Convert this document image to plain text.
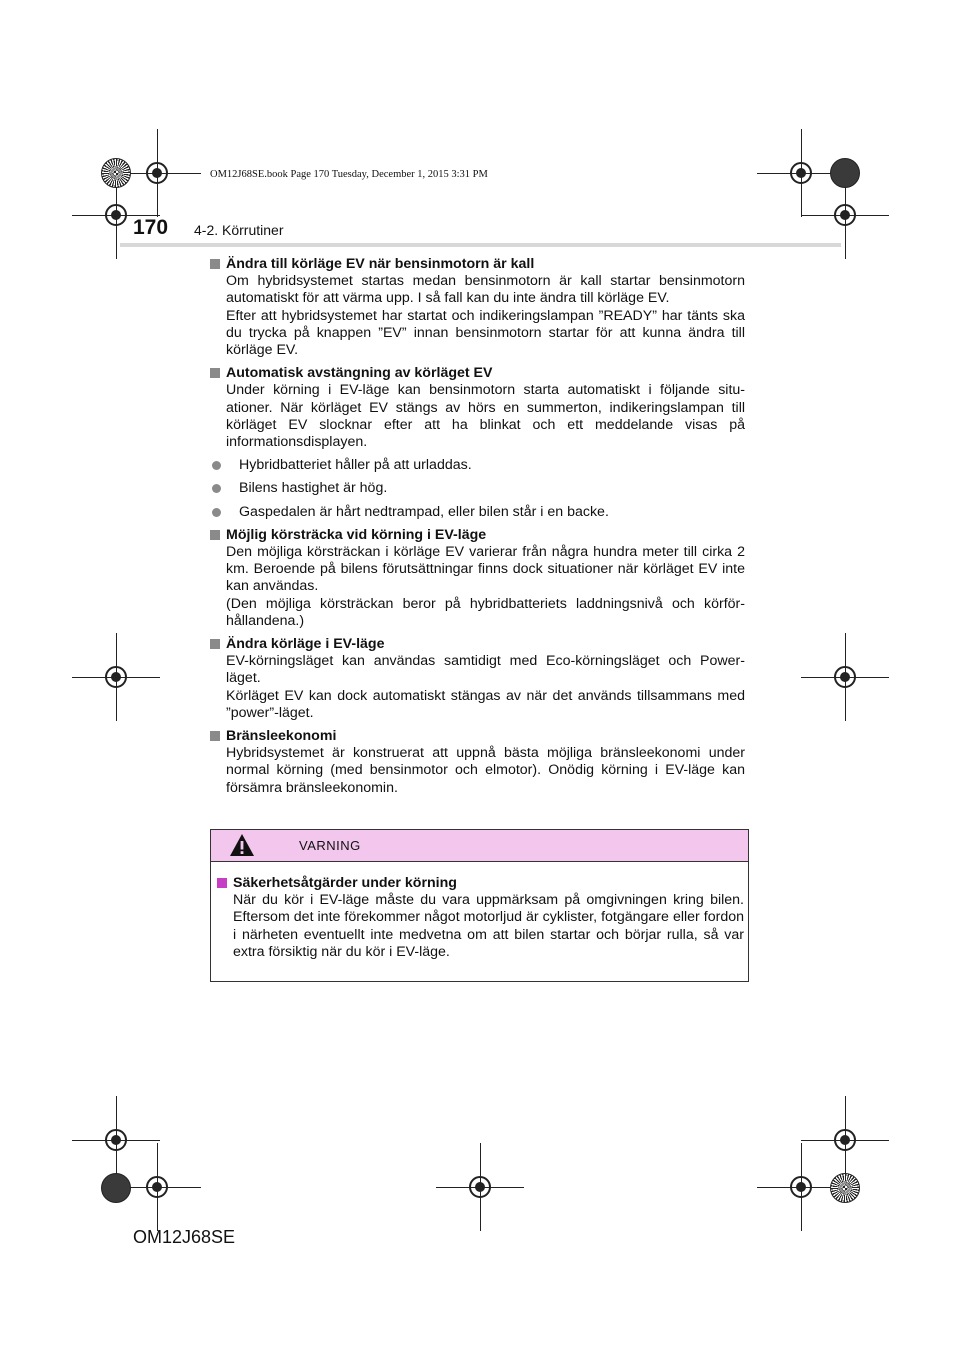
OM12J68SE.book Page 170 Tuesday, December 1, 2015 3:31 PM
170 4-2. Körrutiner
Ändra till körläge EV när bensinmotorn är kall
Om hybridsystemet startas medan bensinmotorn är kall startar bensinmotorn automatiskt för att värma upp. I så fall kan du inte ändra till körläge EV.
Efter att hybridsystemet har startat och indikeringslampan ”READY” har tänts ska du trycka på knappen ”EV” innan bensinmotorn startar för att kunna ändra till körläge EV.
Automatisk avstängning av körläget EV
Under körning i EV-läge kan bensinmotorn starta automatiskt i följande situ-ationer. När körläget EV stängs av hörs en summerton, indikeringslampan till körläget EV slocknar efter att ha blinkat och ett meddelande visas på informationsdisplayen.
Hybridbatteriet håller på att urladdas.
Bilens hastighet är hög.
Gaspedalen är hårt nedtrampad, eller bilen står i en backe.
Möjlig körsträcka vid körning i EV-läge
Den möjliga körsträckan i körläge EV varierar från några hundra meter till cirka 2 km. Beroende på bilens förutsättningar finns dock situationer när körläget EV inte kan användas.
(Den möjliga körsträckan beror på hybridbatteriets laddningsnivå och körför-hållandena.)
Ändra körläge i EV-läge
EV-körningsläget kan användas samtidigt med Eco-körningsläget och Power-läget.
Körläget EV kan dock automatiskt stängas av när det används tillsammans med ”power”-läget.
Bränsleekonomi
Hybridsystemet är konstruerat att uppnå bästa möjliga bränsleekonomi under normal körning (med bensinmotor och elmotor). Onödig körning i EV-läge kan försämra bränsleekonomin.
VARNING
Säkerhetsåtgärder under körning
När du kör i EV-läge måste du vara uppmärksam på omgivningen kring bilen. Eftersom det inte förekommer något motorljud är cyklister, fotgängare eller fordon i närheten eventuellt inte medvetna om att bilen startar och börjar rulla, så var extra försiktig när du kör i EV-läge.
OM12J68SE
